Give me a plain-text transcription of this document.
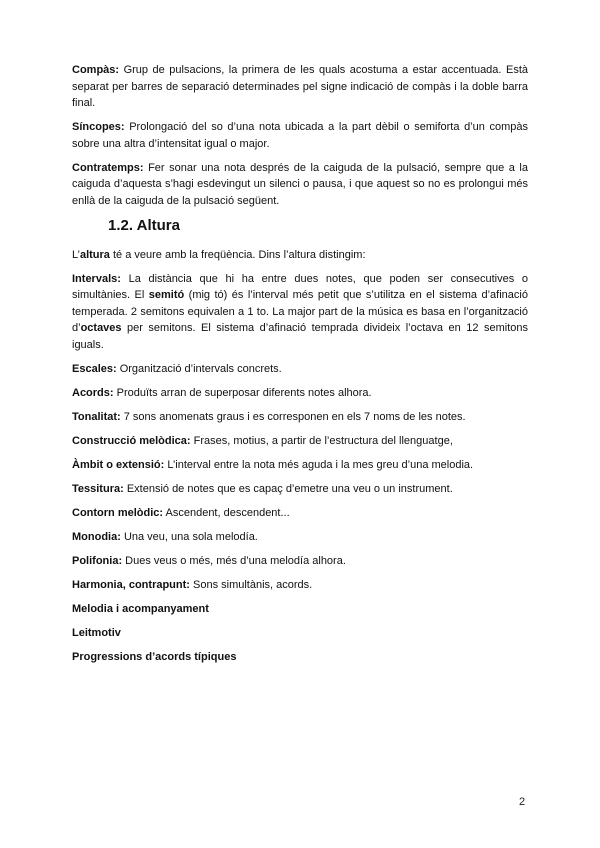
Compàs: Grup de pulsacions, la primera de les quals acostuma a estar accentuada. Està separat per barres de separació determinades pel signe indicació de compàs i la doble barra final.

Síncopes: Prolongació del so d’una nota ubicada a la part dèbil o semiforta d’un compàs sobre una altra d’intensitat igual o major.

Contratemps: Fer sonar una nota després de la caiguda de la pulsació, sempre que a la caiguda d’aquesta s’hagi esdevingut un silenci o pausa, i que aquest so no es prolongui més enllà de la caiguda de la pulsació següent.

1.2. Altura

L’altura té a veure amb la freqüència. Dins l’altura distingim:

Intervals: La distància que hi ha entre dues notes, que poden ser consecutives o simultànies. El semitó (mig tó) és l’interval més petit que s’utilitza en el sistema d’afinació temperada. 2 semitons equivalen a 1 to. La major part de la música es basa en l’organització d’octaves per semitons. El sistema d’afinació temprada divideix l’octava en 12 semitons iguals.

Escales: Organització d’intervals concrets.

Acords: Produïts arran de superposar diferents notes alhora.

Tonalitat: 7 sons anomenats graus i es corresponen en els 7 noms de les notes.

Construcció melòdica: Frases, motius, a partir de l’estructura del llenguatge,

Àmbit o extensió: L’interval entre la nota més aguda i la mes greu d’una melodia.

Tessitura: Extensió de notes que es capaç d’emetre una veu o un instrument.

Contorn melòdic: Ascendent, descendent...

Monodia: Una veu, una sola melodía.

Polifonia: Dues veus o més, més d’una melodía alhora.

Harmonia, contrapunt: Sons simultànis, acords.

Melodia i acompanyament

Leitmotiv

Progressions d’acords típiques

2
